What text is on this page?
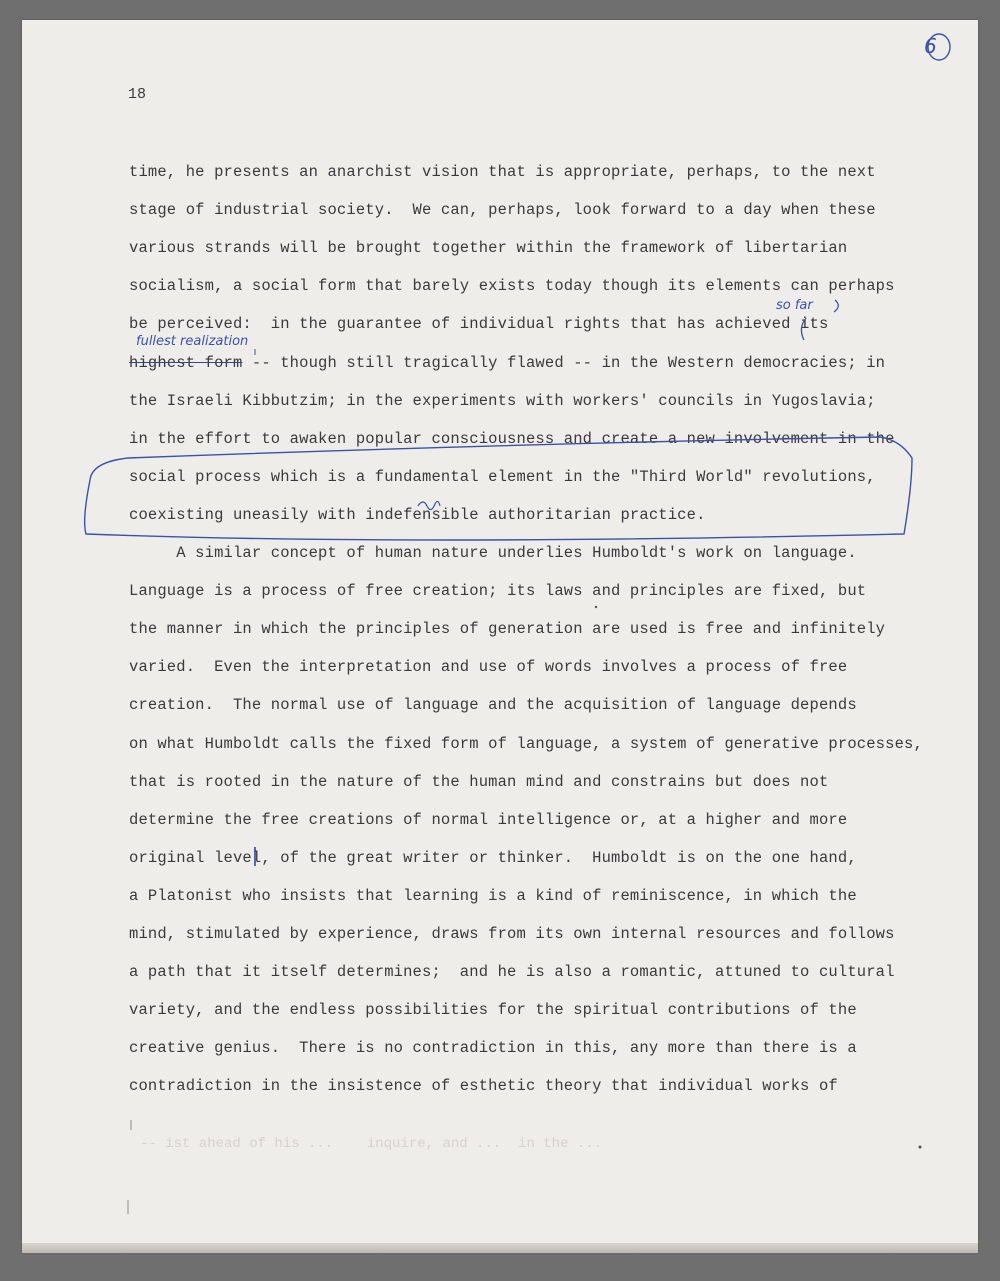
18
6
time, he presents an anarchist vision that is appropriate, perhaps, to the next
stage of industrial society.  We can, perhaps, look forward to a day when these
various strands will be brought together within the framework of libertarian
socialism, a social form that barely exists today though its elements can perhaps
be perceived:  in the guarantee of individual rights that has achieved its
highest form -- though still tragically flawed -- in the Western democracies; in
the Israeli Kibbutzim; in the experiments with workers' councils in Yugoslavia;
in the effort to awaken popular consciousness and create a new involvement in the
social process which is a fundamental element in the "Third World" revolutions,
coexisting uneasily with indefensible authoritarian practice.
A similar concept of human nature underlies Humboldt's work on language.
Language is a process of free creation; its laws and principles are fixed, but
the manner in which the principles of generation are used is free and infinitely
varied.  Even the interpretation and use of words involves a process of free
creation.  The normal use of language and the acquisition of language depends
on what Humboldt calls the fixed form of language, a system of generative processes,
that is rooted in the nature of the human mind and constrains but does not
determine the free creations of normal intelligence or, at a higher and more
original level, of the great writer or thinker.  Humboldt is on the one hand,
a Platonist who insists that learning is a kind of reminiscence, in which the
mind, stimulated by experience, draws from its own internal resources and follows
a path that it itself determines;  and he is also a romantic, attuned to cultural
variety, and the endless possibilities for the spiritual contributions of the
creative genius.  There is no contradiction in this, any more than there is a
contradiction in the insistence of esthetic theory that individual works of
so far
fullest realization
-- ist ahead of his ...    inquire, and ...  in the ...
